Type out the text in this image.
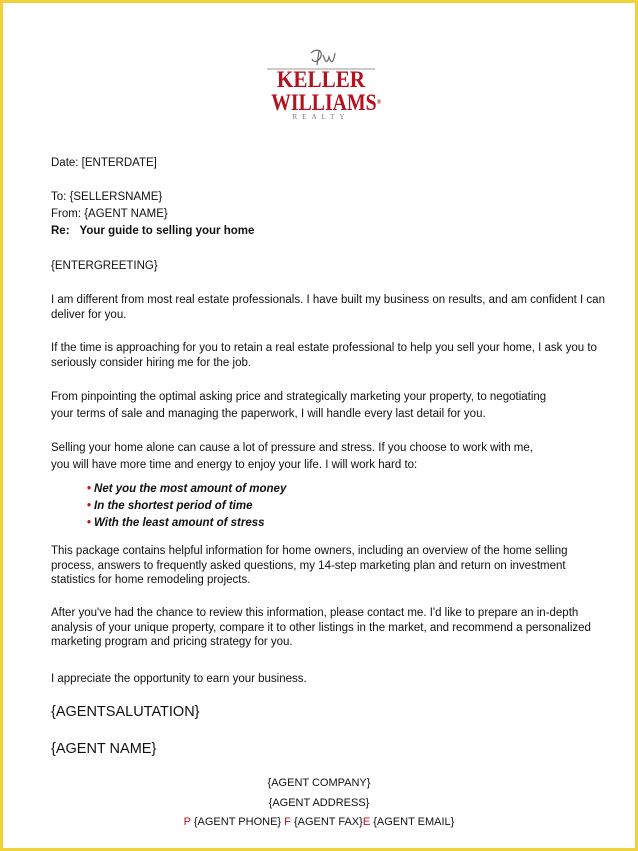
KELLER
WILLIAMS®
REALTY
Date: [ENTERDATE]
To: {SELLERSNAME}
From: {AGENT NAME}
Re: Your guide to selling your home
{ENTERGREETING}
I am different from most real estate professionals. I have built my business on results, and am confident I can deliver for you.
If the time is approaching for you to retain a real estate professional to help you sell your home, I ask you to seriously consider hiring me for the job.
From pinpointing the optimal asking price and strategically marketing your property, to negotiating
your terms of sale and managing the paperwork, I will handle every last detail for you.
Selling your home alone can cause a lot of pressure and stress. If you choose to work with me,
you will have more time and energy to enjoy your life. I will work hard to:
• Net you the most amount of money
• In the shortest period of time
• With the least amount of stress
This package contains helpful information for home owners, including an overview of the home selling process, answers to frequently asked questions, my 14-step marketing plan and return on investment statistics for home remodeling projects.
After you've had the chance to review this information, please contact me. I'd like to prepare an in-depth analysis of your unique property, compare it to other listings in the market, and recommend a personalized marketing program and pricing strategy for you.
I appreciate the opportunity to earn your business.
{AGENTSALUTATION}
{AGENT NAME}
{AGENT COMPANY}
{AGENT ADDRESS}
P {AGENT PHONE} F {AGENT FAX}E {AGENT EMAIL}
